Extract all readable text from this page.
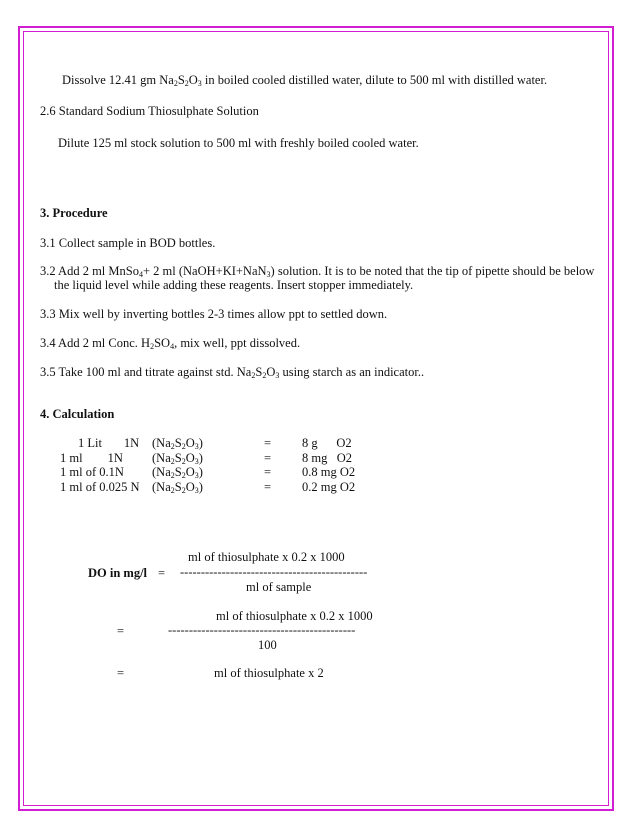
Dissolve 12.41 gm $Na_2S_2O_3$ in boiled cooled distilled water, dilute to 500 ml with distilled water.
2.6 Standard Sodium Thiosulphate Solution
Dilute 125 ml stock solution to 500 ml with freshly boiled cooled water.
3. Procedure
3.1 Collect sample in BOD bottles.
3.2 Add 2 ml MnSo$_4$+ 2 ml (NaOH+KI+NaN$_3$) solution. It is to be noted that the tip of pipette should be below
the liquid level while adding these reagents. Insert stopper immediately.
3.3 Mix well by inverting bottles 2-3 times allow ppt to settled down.
3.4 Add 2 ml Conc. $H_2SO_4$, mix well, ppt dissolved.
3.5 Take 100 ml and titrate against std. $Na_2S_2O_3$ using starch as an indicator..
4. Calculation
1 Lit       1N $(Na_2S_2O_3)$	= 8 g      O2
1 ml        1N $(Na_2S_2O_3)$	= 8 mg   O2
1 ml of 0.1N $(Na_2S_2O_3)$	= 0.8 mg O2
1 ml of 0.025 N $(Na_2S_2O_3)$	= 0.2 mg O2
ml of thiosulphate x 0.2 x 1000
DO in mg/l = ---------------------------------------------
ml of sample
ml of thiosulphate x 0.2 x 1000
=	---------------------------------------------
100
=	ml of thiosulphate x 2
